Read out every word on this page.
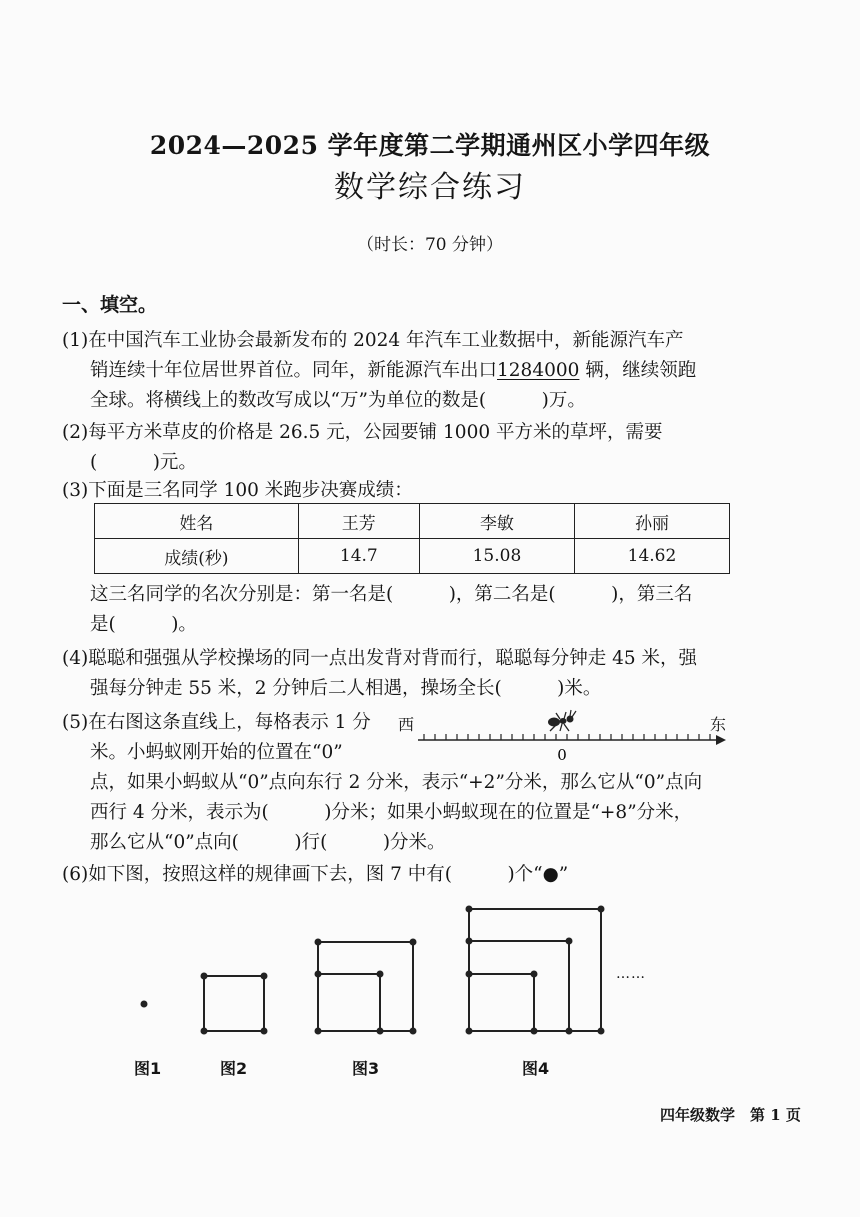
2024—2025 学年度第二学期通州区小学四年级
数学综合练习
（时长：70 分钟）
一、填空。
(1)在中国汽车工业协会最新发布的 2024 年汽车工业数据中，新能源汽车产
销连续十年位居世界首位。同年，新能源汽车出口1284000 辆，继续领跑
全球。将横线上的数改写成以“万”为单位的数是(　　　)万。
(2)每平方米草皮的价格是 26.5 元，公园要铺 1000 平方米的草坪，需要
(　　　)元。
(3)下面是三名同学 100 米跑步决赛成绩：
姓名	王芳	李敏	孙丽
成绩(秒)	14.7	15.08	14.62
这三名同学的名次分别是：第一名是(　　　)，第二名是(　　　)，第三名
是(　　　)。
(4)聪聪和强强从学校操场的同一点出发背对背而行，聪聪每分钟走 45 米，强
强每分钟走 55 米，2 分钟后二人相遇，操场全长(　　　)米。
(5)在右图这条直线上，每格表示 1 分
米。小蚂蚁刚开始的位置在“0”
点，如果小蚂蚁从“0”点向东行 2 分米，表示“+2”分米，那么它从“0”点向
西行 4 分米，表示为(　　　)分米；如果小蚂蚁现在的位置是“+8”分米，
那么它从“0”点向(　　　)行(　　　)分米。
西	东
0
(6)如下图，按照这样的规律画下去，图 7 中有(　　　)个“●”
……
图1	图2	图3	图4
四年级数学　第 1 页
